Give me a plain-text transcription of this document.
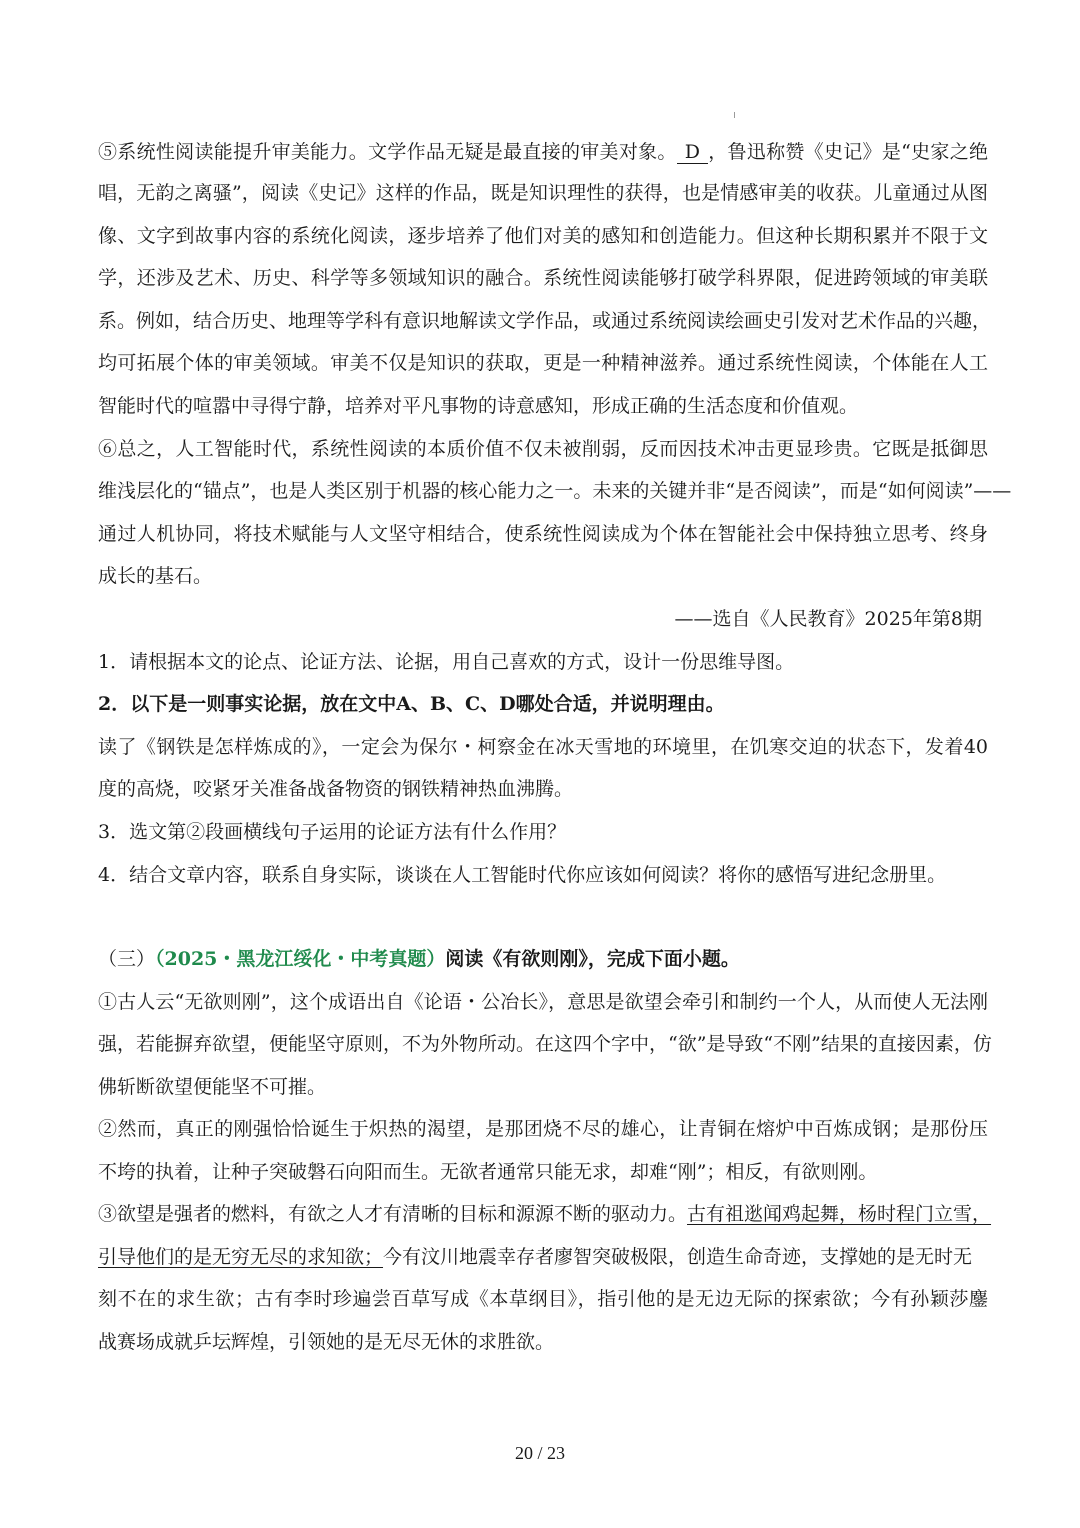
⑤系统性阅读能提升审美能力。文学作品无疑是最直接的审美对象。 D ，鲁迅称赞《史记》是“史家之绝
唱，无韵之离骚”，阅读《史记》这样的作品，既是知识理性的获得，也是情感审美的收获。儿童通过从图
像、文字到故事内容的系统化阅读，逐步培养了他们对美的感知和创造能力。但这种长期积累并不限于文
学，还涉及艺术、历史、科学等多领域知识的融合。系统性阅读能够打破学科界限，促进跨领域的审美联
系。例如，结合历史、地理等学科有意识地解读文学作品，或通过系统阅读绘画史引发对艺术作品的兴趣，
均可拓展个体的审美领域。审美不仅是知识的获取，更是一种精神滋养。通过系统性阅读，个体能在人工
智能时代的喧嚣中寻得宁静，培养对平凡事物的诗意感知，形成正确的生活态度和价值观。
⑥总之，人工智能时代，系统性阅读的本质价值不仅未被削弱，反而因技术冲击更显珍贵。它既是抵御思
维浅层化的“锚点”，也是人类区别于机器的核心能力之一。未来的关键并非“是否阅读”，而是“如何阅读”——
通过人机协同，将技术赋能与人文坚守相结合，使系统性阅读成为个体在智能社会中保持独立思考、终身
成长的基石。
——选自《人民教育》2025年第8期
1．请根据本文的论点、论证方法、论据，用自己喜欢的方式，设计一份思维导图。
2．以下是一则事实论据，放在文中A、B、C、D哪处合适，并说明理由。
读了《钢铁是怎样炼成的》，一定会为保尔・柯察金在冰天雪地的环境里，在饥寒交迫的状态下，发着40
度的高烧，咬紧牙关准备战备物资的钢铁精神热血沸腾。
3．选文第②段画横线句子运用的论证方法有什么作用？
4．结合文章内容，联系自身实际，谈谈在人工智能时代你应该如何阅读？将你的感悟写进纪念册里。
（三）（2025・黑龙江绥化・中考真题）阅读《有欲则刚》，完成下面小题。
①古人云“无欲则刚”，这个成语出自《论语・公冶长》，意思是欲望会牵引和制约一个人，从而使人无法刚
强，若能摒弃欲望，便能坚守原则，不为外物所动。在这四个字中，“欲”是导致“不刚”结果的直接因素，仿
佛斩断欲望便能坚不可摧。
②然而，真正的刚强恰恰诞生于炽热的渴望，是那团烧不尽的雄心，让青铜在熔炉中百炼成钢；是那份压
不垮的执着，让种子突破磐石向阳而生。无欲者通常只能无求，却难“刚”；相反，有欲则刚。
③欲望是强者的燃料，有欲之人才有清晰的目标和源源不断的驱动力。古有祖逖闻鸡起舞，杨时程门立雪，
引导他们的是无穷无尽的求知欲；今有汶川地震幸存者廖智突破极限，创造生命奇迹，支撑她的是无时无
刻不在的求生欲；古有李时珍遍尝百草写成《本草纲目》，指引他的是无边无际的探索欲；今有孙颖莎鏖
战赛场成就乒坛辉煌，引领她的是无尽无休的求胜欲。
20 / 23
